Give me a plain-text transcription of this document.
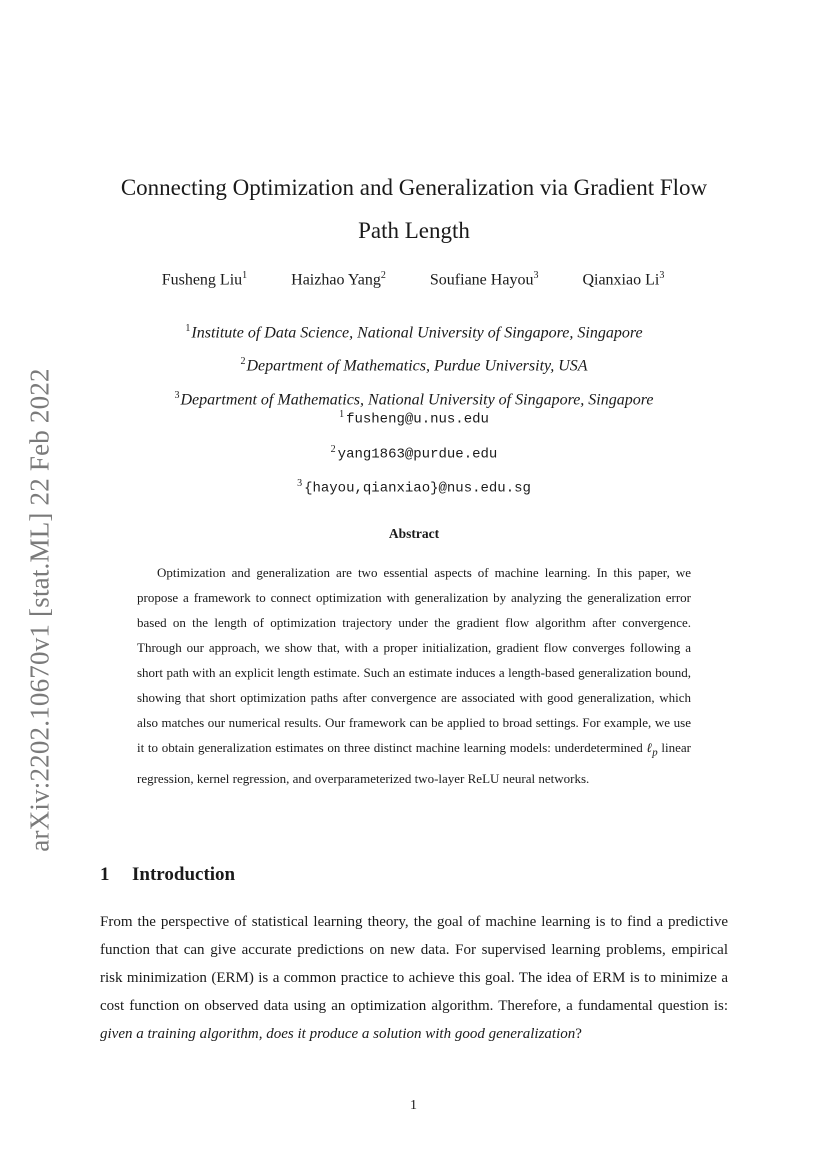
arXiv:2202.10670v1 [stat.ML] 22 Feb 2022
Connecting Optimization and Generalization via Gradient Flow
Path Length
Fusheng Liu$^1$	Haizhao Yang$^2$	Soufiane Hayou$^3$	Qianxiao Li$^3$
$^1$Institute of Data Science, National University of Singapore, Singapore
$^2$Department of Mathematics, Purdue University, USA
$^3$Department of Mathematics, National University of Singapore, Singapore
$^1$ fusheng@u.nus.edu
$^2$ yang1863@purdue.edu
$^3$ {hayou,qianxiao}@nus.edu.sg
Abstract
Optimization and generalization are two essential aspects of machine learning. In this paper, we propose a framework to connect optimization with generalization by analyzing the generalization error based on the length of optimization trajectory under the gradient flow algorithm after convergence. Through our approach, we show that, with a proper initialization, gradient flow converges following a short path with an explicit length estimate. Such an estimate induces a length-based generalization bound, showing that short optimization paths after convergence are associated with good generalization, which also matches our numerical results. Our framework can be applied to broad settings. For example, we use it to obtain generalization estimates on three distinct machine learning models: underdetermined ℓ$_p$ linear regression, kernel regression, and overparameterized two-layer ReLU neural networks.
1 Introduction
From the perspective of statistical learning theory, the goal of machine learning is to find a predictive function that can give accurate predictions on new data. For supervised learning problems, empirical risk minimization (ERM) is a common practice to achieve this goal. The idea of ERM is to minimize a cost function on observed data using an optimization algorithm. Therefore, a fundamental question is: given a training algorithm, does it produce a solution with good generalization?
1
